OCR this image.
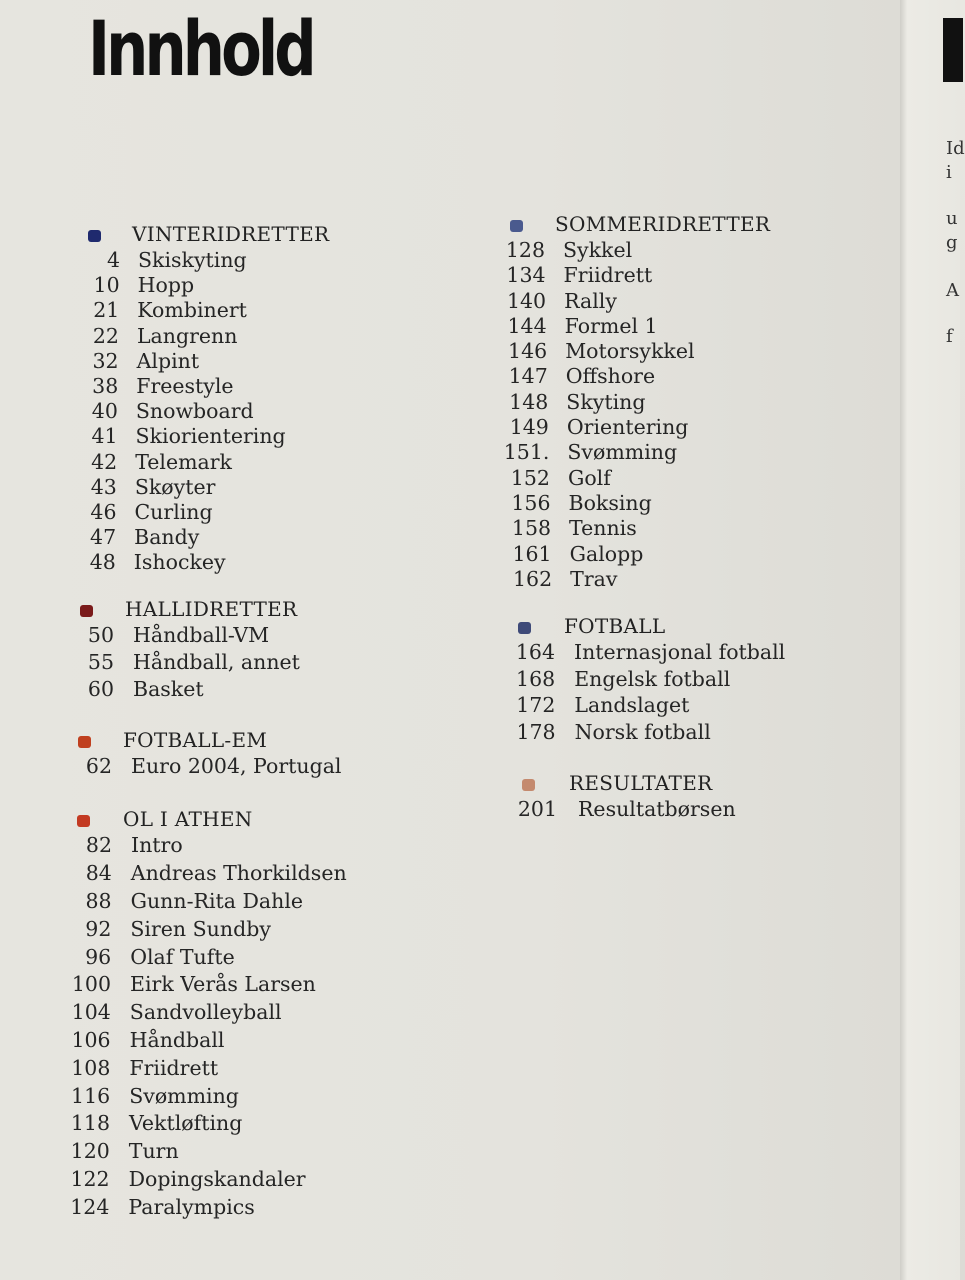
Id
i
u
g
A
f
Innhold
VINTERIDRETTER
4 Skiskyting
10 Hopp
21 Kombinert
22 Langrenn
32 Alpint
38 Freestyle
40 Snowboard
41 Skiorientering
42 Telemark
43 Skøyter
46 Curling
47 Bandy
48 Ishockey
HALLIDRETTER
50 Håndball-VM
55 Håndball, annet
60 Basket
FOTBALL-EM
62 Euro 2004, Portugal
OL I ATHEN
82 Intro
84 Andreas Thorkildsen
88 Gunn-Rita Dahle
92 Siren Sundby
96 Olaf Tufte
100 Eirk Verås Larsen
104 Sandvolleyball
106 Håndball
108 Friidrett
116 Svømming
118 Vektløfting
120 Turn
122 Dopingskandaler
124 Paralympics
SOMMERIDRETTER
128 Sykkel
134 Friidrett
140 Rally
144 Formel 1
146 Motorsykkel
147 Offshore
148 Skyting
149 Orientering
151. Svømming
152 Golf
156 Boksing
158 Tennis
161 Galopp
162 Trav
FOTBALL
164 Internasjonal fotball
168 Engelsk fotball
172 Landslaget
178 Norsk fotball
RESULTATER
201 Resultatbørsen
